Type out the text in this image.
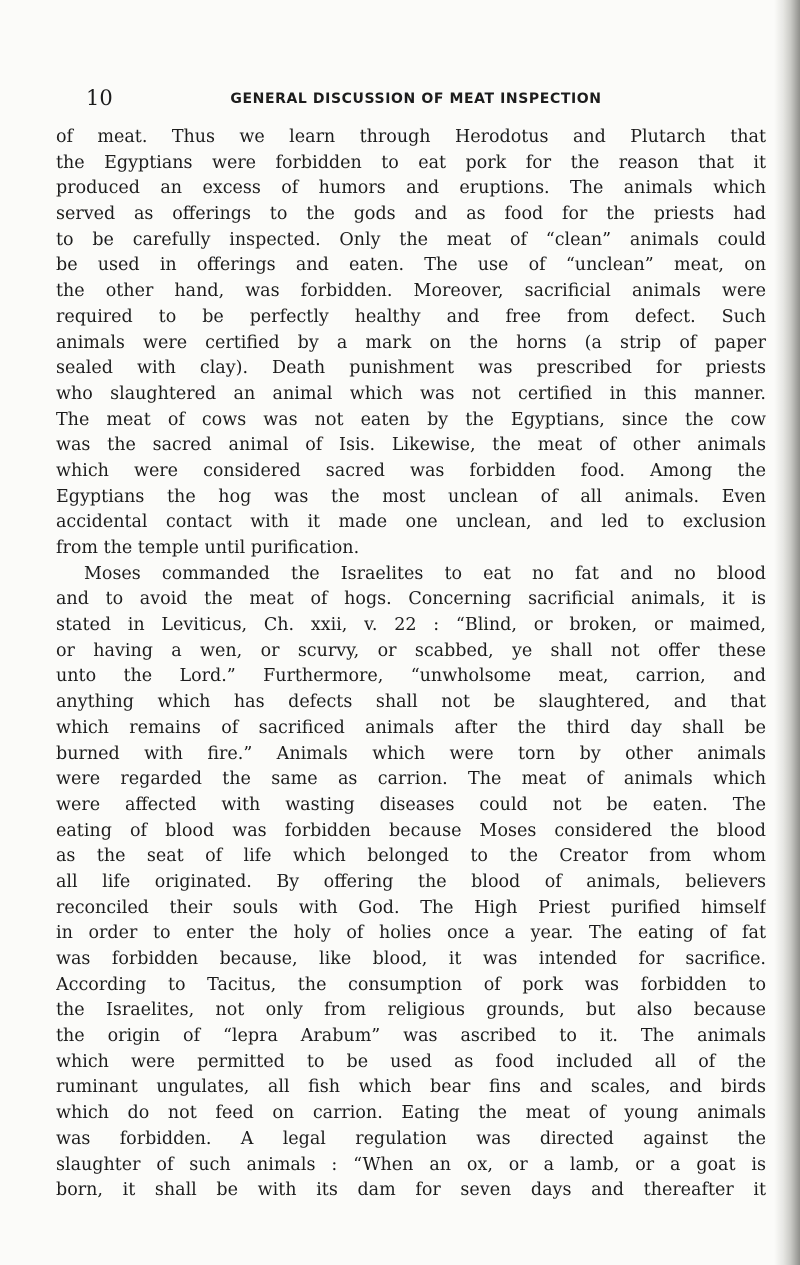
10	GENERAL DISCUSSION OF MEAT INSPECTION
of meat. Thus we learn through Herodotus and Plutarch that
the Egyptians were forbidden to eat pork for the reason that it
produced an excess of humors and eruptions. The animals which
served as offerings to the gods and as food for the priests had
to be carefully inspected. Only the meat of “clean” animals could
be used in offerings and eaten. The use of “unclean” meat, on
the other hand, was forbidden. Moreover, sacrificial animals were
required to be perfectly healthy and free from defect. Such
animals were certified by a mark on the horns (a strip of paper
sealed with clay). Death punishment was prescribed for priests
who slaughtered an animal which was not certified in this manner.
The meat of cows was not eaten by the Egyptians, since the cow
was the sacred animal of Isis. Likewise, the meat of other animals
which were considered sacred was forbidden food. Among the
Egyptians the hog was the most unclean of all animals. Even
accidental contact with it made one unclean, and led to exclusion
from the temple until purification.
Moses commanded the Israelites to eat no fat and no blood
and to avoid the meat of hogs. Concerning sacrificial animals, it is
stated in Leviticus, Ch. xxii, v. 22 : “Blind, or broken, or maimed,
or having a wen, or scurvy, or scabbed, ye shall not offer these
unto the Lord.” Furthermore, “unwholsome meat, carrion, and
anything which has defects shall not be slaughtered, and that
which remains of sacrificed animals after the third day shall be
burned with fire.” Animals which were torn by other animals
were regarded the same as carrion. The meat of animals which
were affected with wasting diseases could not be eaten. The
eating of blood was forbidden because Moses considered the blood
as the seat of life which belonged to the Creator from whom
all life originated. By offering the blood of animals, believers
reconciled their souls with God. The High Priest purified himself
in order to enter the holy of holies once a year. The eating of fat
was forbidden because, like blood, it was intended for sacrifice.
According to Tacitus, the consumption of pork was forbidden to
the Israelites, not only from religious grounds, but also because
the origin of “lepra Arabum” was ascribed to it. The animals
which were permitted to be used as food included all of the
ruminant ungulates, all fish which bear fins and scales, and birds
which do not feed on carrion. Eating the meat of young animals
was forbidden. A legal regulation was directed against the
slaughter of such animals : “When an ox, or a lamb, or a goat is
born, it shall be with its dam for seven days and thereafter it
